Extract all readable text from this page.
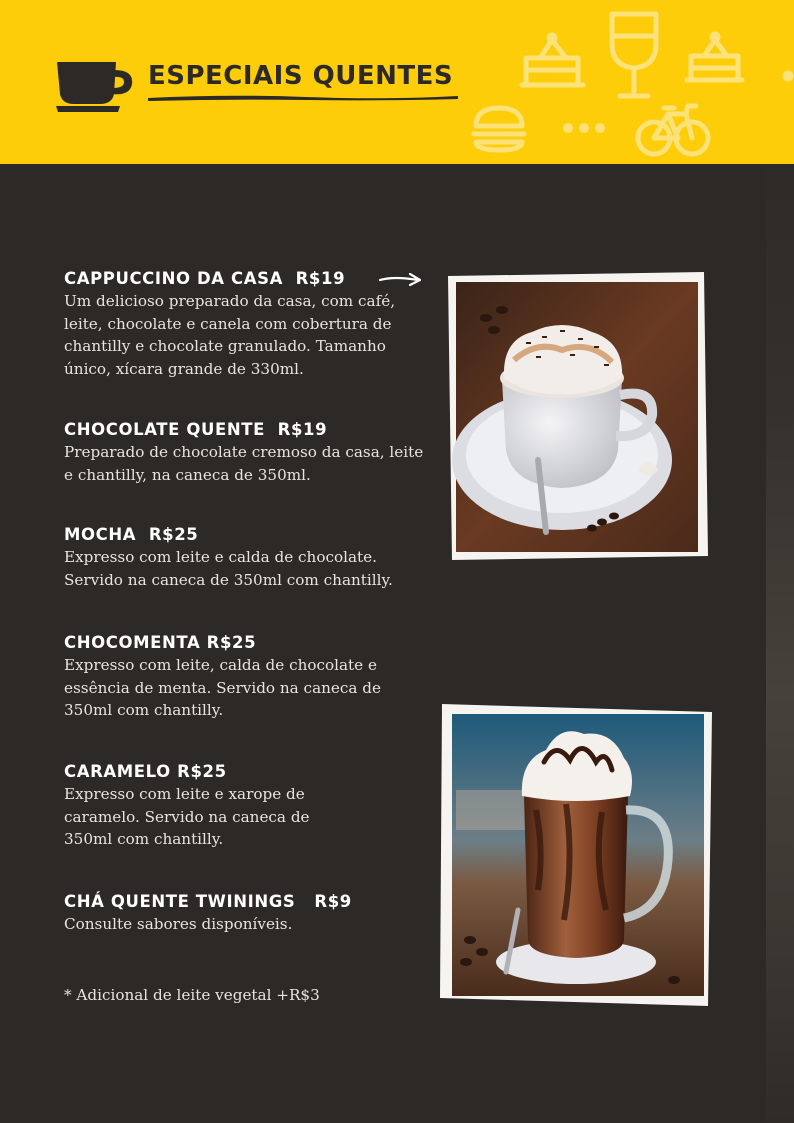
ESPECIAIS QUENTES
CAPPUCCINO DA CASA  R$19
Um delicioso preparado da casa, com café, leite, chocolate e canela com cobertura de chantilly e chocolate granulado. Tamanho único, xícara grande de 330ml.
CHOCOLATE QUENTE  R$19
Preparado de chocolate cremoso da casa, leite e chantilly, na caneca de 350ml.
MOCHA  R$25
Expresso com leite e calda de chocolate. Servido na caneca de 350ml com chantilly.
CHOCOMENTA R$25
Expresso com leite, calda de chocolate e essência de menta. Servido na caneca de 350ml com chantilly.
CARAMELO R$25
Expresso com leite e xarope de caramelo. Servido na caneca de 350ml com chantilly.
CHÁ QUENTE TWININGS   R$9
Consulte sabores disponíveis.
* Adicional de leite vegetal +R$3
